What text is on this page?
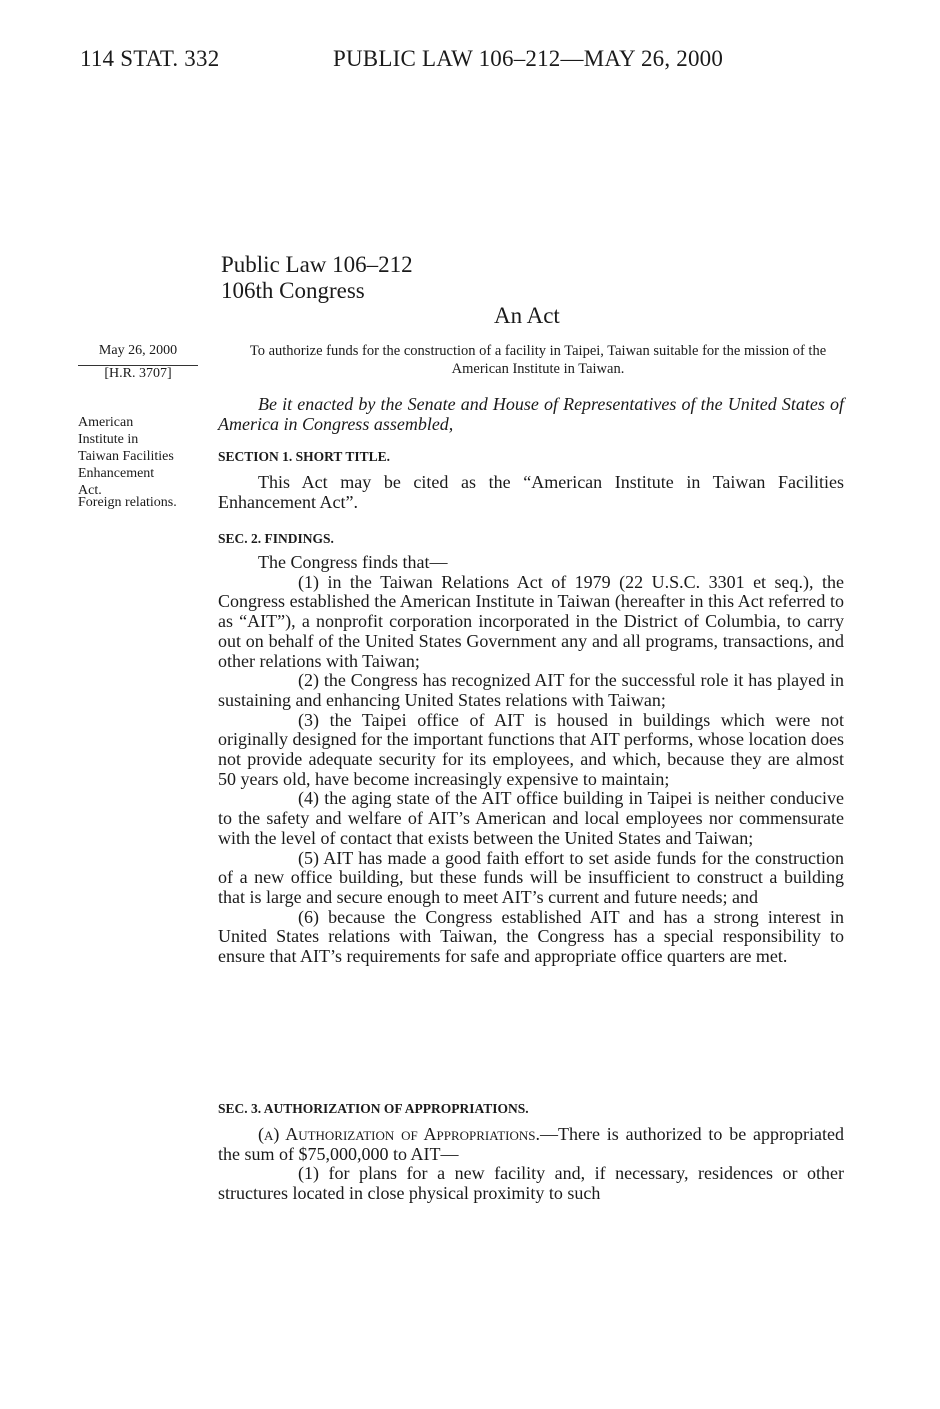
114 STAT. 332	PUBLIC LAW 106–212—MAY 26, 2000
Public Law 106–212
106th Congress
An Act
May 26, 2000
[H.R. 3707]
American
Institute in
Taiwan Facilities
Enhancement
Act.
Foreign relations.
To authorize funds for the construction of a facility in Taipei, Taiwan suitable for the mission of the American Institute in Taiwan.
Be it enacted by the Senate and House of Representatives of the United States of America in Congress assembled,
SECTION 1. SHORT TITLE.

This Act may be cited as the “American Institute in Taiwan Facilities Enhancement Act”.

SEC. 2. FINDINGS.

The Congress finds that—

(1) in the Taiwan Relations Act of 1979 (22 U.S.C. 3301 et seq.), the Congress established the American Institute in Taiwan (hereafter in this Act referred to as “AIT”), a nonprofit corporation incorporated in the District of Columbia, to carry out on behalf of the United States Government any and all programs, transactions, and other relations with Taiwan;

(2) the Congress has recognized AIT for the successful role it has played in sustaining and enhancing United States relations with Taiwan;

(3) the Taipei office of AIT is housed in buildings which were not originally designed for the important functions that AIT performs, whose location does not provide adequate security for its employees, and which, because they are almost 50 years old, have become increasingly expensive to maintain;

(4) the aging state of the AIT office building in Taipei is neither conducive to the safety and welfare of AIT’s American and local employees nor commensurate with the level of contact that exists between the United States and Taiwan;

(5) AIT has made a good faith effort to set aside funds for the construction of a new office building, but these funds will be insufficient to construct a building that is large and secure enough to meet AIT’s current and future needs; and

(6) because the Congress established AIT and has a strong interest in United States relations with Taiwan, the Congress has a special responsibility to ensure that AIT’s requirements for safe and appropriate office quarters are met.

SEC. 3. AUTHORIZATION OF APPROPRIATIONS.

(a) Authorization of Appropriations.—There is authorized to be appropriated the sum of $75,000,000 to AIT—

(1) for plans for a new facility and, if necessary, residences or other structures located in close physical proximity to such
